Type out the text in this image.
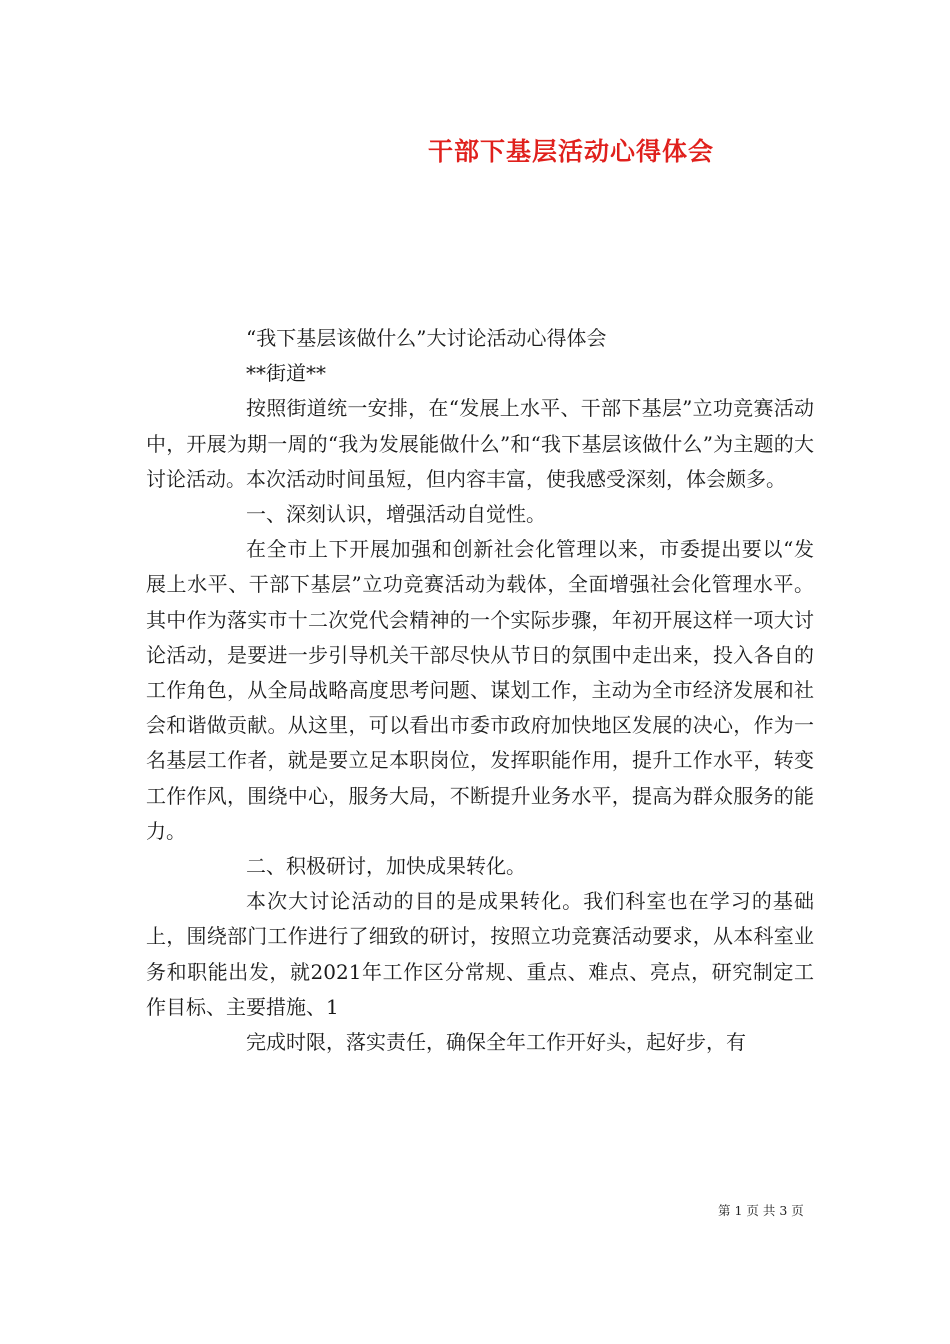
干部下基层活动心得体会

“我下基层该做什么”大讨论活动心得体会

**街道**

按照街道统一安排，在“发展上水平、干部下基层”立功竞赛活动中，开展为期一周的“我为发展能做什么”和“我下基层该做什么”为主题的大讨论活动。本次活动时间虽短，但内容丰富，使我感受深刻，体会颇多。

一、深刻认识，增强活动自觉性。

在全市上下开展加强和创新社会化管理以来，市委提出要以“发展上水平、干部下基层”立功竞赛活动为载体，全面增强社会化管理水平。其中作为落实市十二次党代会精神的一个实际步骤，年初开展这样一项大讨论活动，是要进一步引导机关干部尽快从节日的氛围中走出来，投入各自的工作角色，从全局战略高度思考问题、谋划工作，主动为全市经济发展和社会和谐做贡献。从这里，可以看出市委市政府加快地区发展的决心，作为一名基层工作者，就是要立足本职岗位，发挥职能作用，提升工作水平，转变工作作风，围绕中心，服务大局，不断提升业务水平，提高为群众服务的能力。

二、积极研讨，加快成果转化。

本次大讨论活动的目的是成果转化。我们科室也在学习的基础上，围绕部门工作进行了细致的研讨，按照立功竞赛活动要求，从本科室业务和职能出发，就2021年工作区分常规、重点、难点、亮点，研究制定工作目标、主要措施、1

完成时限，落实责任，确保全年工作开好头，起好步，有

第 1 页 共 3 页
